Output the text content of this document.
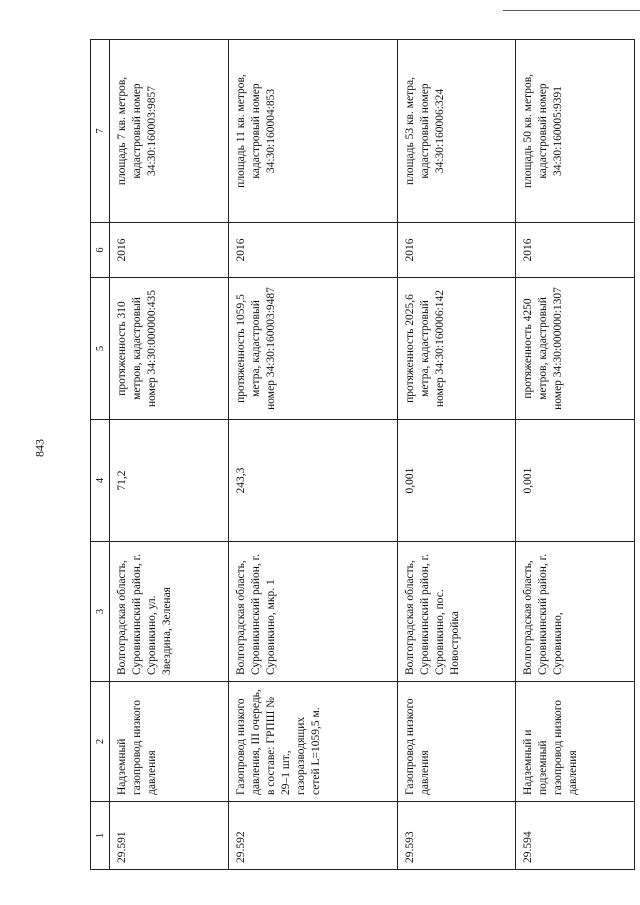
843
1	2	3	4	5	6	7
29.591	Надземный газопровод низкого давления	Волгоградская область, Суровикинский район, г. Суровикино, ул. Звездина, Зеленая	71,2	протяженность 310 метров, кадастровый номер 34:30:000000:435	2016	площадь 7 кв. метров, кадастровый номер 34:30:160003:9857
29.592	Газопровод низкого давления, III очередь, в составе: ГРПШ № 29–1 шт., газоразводящих сетей L=1059,5 м.	Волгоградская область, Суровикинский район, г. Суровикино, мкр. 1	243,3	протяженность 1059,5 метра, кадастровый номер 34:30:160003:9487	2016	площадь 11 кв. метров, кадастровый номер 34:30:160004:853
29.593	Газопровод низкого давления	Волгоградская область, Суровикинский район, г. Суровикино, пос. Новостройка	0,001	протяженность 2025,6 метра, кадастровый номер 34:30:160006:142	2016	площадь 53 кв. метра, кадастровый номер 34:30:160006:324
29.594	Надземный и подземный газопровод низкого давления	Волгоградская область, Суровикинский район, г. Суровикино,	0,001	протяженность 4250 метров, кадастровый номер 34:30:000000:1307	2016	площадь 50 кв. метров, кадастровый номер 34:30:160005:9391
